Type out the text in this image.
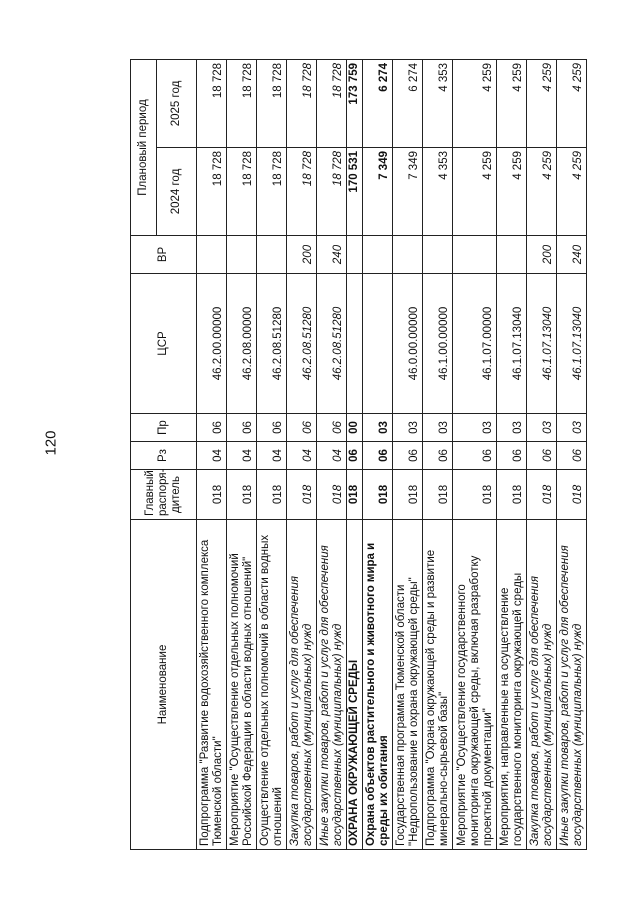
120
Наименование	Главный распоря-дитель	Рз	Пр	ЦСР	ВР	Плановый период	
						2024 год	2025 год
Подпрограмма "Развитие водохозяйственного комплекса Тюменской области"	018	04	06	46.2.00.00000		18 728	18 728
Мероприятие "Осуществление отдельных полномочий Российской Федерации в области водных отношений"	018	04	06	46.2.08.00000		18 728	18 728
Осуществление отдельных полномочий в области водных отношений	018	04	06	46.2.08.51280		18 728	18 728
Закупка товаров, работ и услуг для обеспечения государственных (муниципальных) нужд	018	04	06	46.2.08.51280	200	18 728	18 728
Иные закупки товаров, работ и услуг для обеспечения государственных (муниципальных) нужд	018	04	06	46.2.08.51280	240	18 728	18 728
ОХРАНА ОКРУЖАЮЩЕЙ СРЕДЫ	018	06	00			170 531	173 759
Охрана объектов растительного и животного мира и среды их обитания	018	06	03			7 349	6 274
Государственная программа Тюменской области "Недропользование и охрана окружающей среды"	018	06	03	46.0.00.00000		7 349	6 274
Подпрограмма "Охрана окружающей среды и развитие минерально-сырьевой базы"	018	06	03	46.1.00.00000		4 353	4 353
Мероприятие "Осуществление государственного мониторинга окружающей среды, включая разработку проектной документации"	018	06	03	46.1.07.00000		4 259	4 259
Мероприятия, направленные на осуществление государственного мониторинга окружающей среды	018	06	03	46.1.07.13040		4 259	4 259
Закупка товаров, работ и услуг для обеспечения государственных (муниципальных) нужд	018	06	03	46.1.07.13040	200	4 259	4 259
Иные закупки товаров, работ и услуг для обеспечения государственных (муниципальных) нужд	018	06	03	46.1.07.13040	240	4 259	4 259
